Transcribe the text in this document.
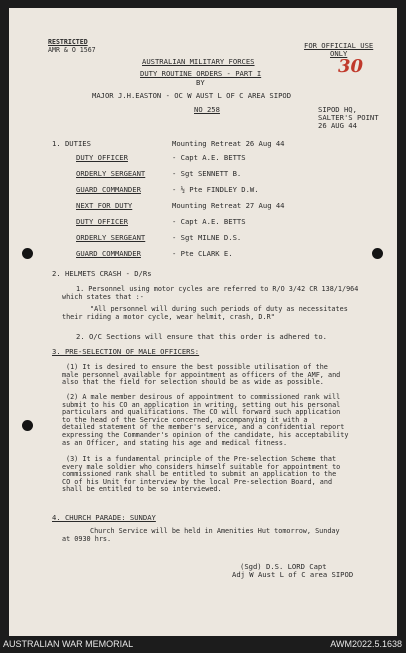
RESTRICTED
AMR & O 1567	FOR OFFICIAL USE
ONLY
30
AUSTRALIAN MILITARY FORCES
DUTY ROUTINE ORDERS - PART I
BY
MAJOR J.H.EASTON - OC W AUST L OF C AREA SIPOD
NO 258	SIPOD HQ,
SALTER'S POINT
26 AUG 44
1. DUTIES	Mounting Retreat 26 Aug 44
DUTY OFFICER	- Capt A.E. BETTS
ORDERLY SERGEANT	- Sgt SENNETT B.
GUARD COMMANDER	- ½ Pte FINDLEY D.W.
NEXT FOR DUTY	Mounting Retreat 27 Aug 44
DUTY OFFICER	- Capt A.E. BETTS
ORDERLY SERGEANT	- Sgt MILNE D.S.
GUARD COMMANDER	- Pte CLARK E.
2. HELMETS CRASH - D/Rs
1. Personnel using motor cycles are referred to R/O 3/42 CR 138/1/964
which states that :-
"All personnel will during such periods of duty as necessitates
their riding a motor cycle, wear helmit, crash, D.R"
2. O/C Sections will ensure that this order is adhered to.
3. PRE-SELECTION OF MALE OFFICERS:
(1) It is desired to ensure the best possible utilisation of the
male personnel available for appointment as officers of the AMF, and
also that the field for selection should be as wide as possible.
(2) A male member desirous of appointment to commissioned rank will
submit to his CO an application in writing, setting out his personal
particulars and qualifications. The CO will forward such application
to the head of the Service concerned, accompanying it with a
detailed statement of the member's service, and a confidential report
expressing the Commander's opinion of the candidate, his acceptability
as an Officer, and stating his age and medical fitness.
(3) It is a fundamental principle of the Pre-selection Scheme that
every male soldier who considers himself suitable for appointment to
commissioned rank shall be entitled to submit an application to the
CO of his Unit for interview by the local Pre-selection Board, and
shall be entitled to be so interviewed.
4. CHURCH PARADE: SUNDAY
Church Service will be held in Amenities Hut tomorrow, Sunday
at 0930 hrs.
(Sgd) D.S. LORD Capt
Adj W Aust L of C area SIPOD
AUSTRALIAN WAR MEMORIAL	AWM2022.5.1638
